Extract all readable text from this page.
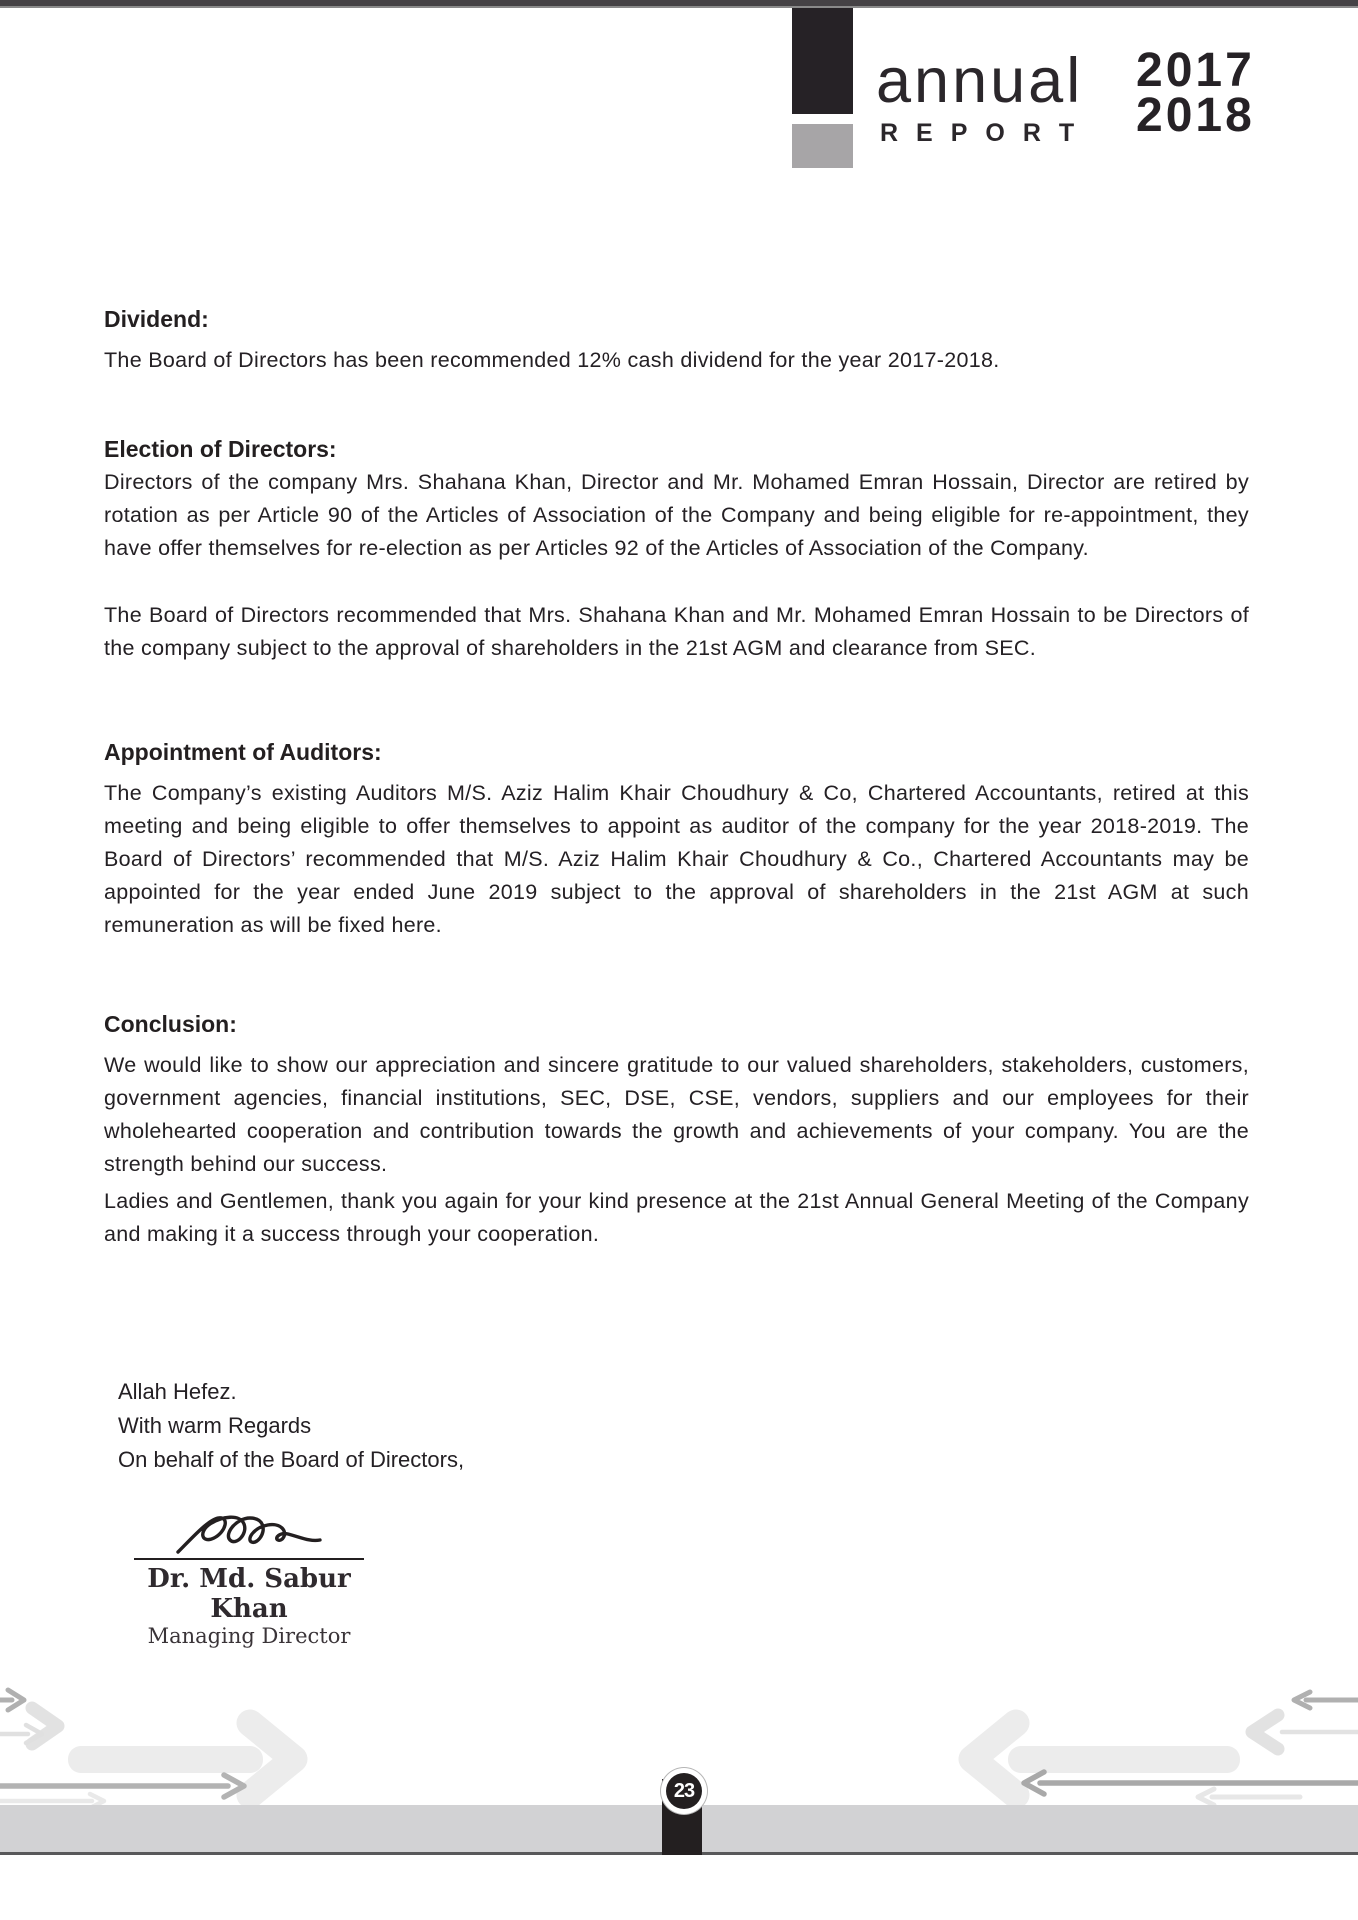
annual
REPORT
2017
2018
Dividend:
The Board of Directors has been recommended 12% cash dividend for the year 2017-2018.
Election of Directors:
Directors of the company Mrs. Shahana Khan, Director and Mr. Mohamed Emran Hossain, Director are retired by rotation as per Article 90 of the Articles of Association of the Company and being eligible for re-appointment, they have offer themselves for re-election as per Articles 92 of the Articles of Association of the Company.
The Board of Directors recommended that Mrs. Shahana Khan and Mr. Mohamed Emran Hossain to be Directors of the company subject to the approval of shareholders in the 21st AGM and clearance from SEC.
Appointment of Auditors:
The Company’s existing Auditors M/S. Aziz Halim Khair Choudhury & Co, Chartered Accountants, retired at this meeting and being eligible to offer themselves to appoint as auditor of the company for the year 2018-2019. The Board of Directors’ recommended that M/S. Aziz Halim Khair Choudhury & Co., Chartered Accountants may be appointed for the year ended June 2019 subject to the approval of shareholders in the 21st AGM at such remuneration as will be fixed here.
Conclusion:
We would like to show our appreciation and sincere gratitude to our valued shareholders, stakeholders, customers, government agencies, financial institutions, SEC, DSE, CSE, vendors, suppliers and our employees for their wholehearted cooperation and contribution towards the growth and achievements of your company. You are the strength behind our success.
Ladies and Gentlemen, thank you again for your kind presence at the 21st Annual General Meeting of the Company and making it a success through your cooperation.
Allah Hefez.
With warm Regards
On behalf of the Board of Directors,
Dr. Md. Sabur Khan
Managing Director
23
